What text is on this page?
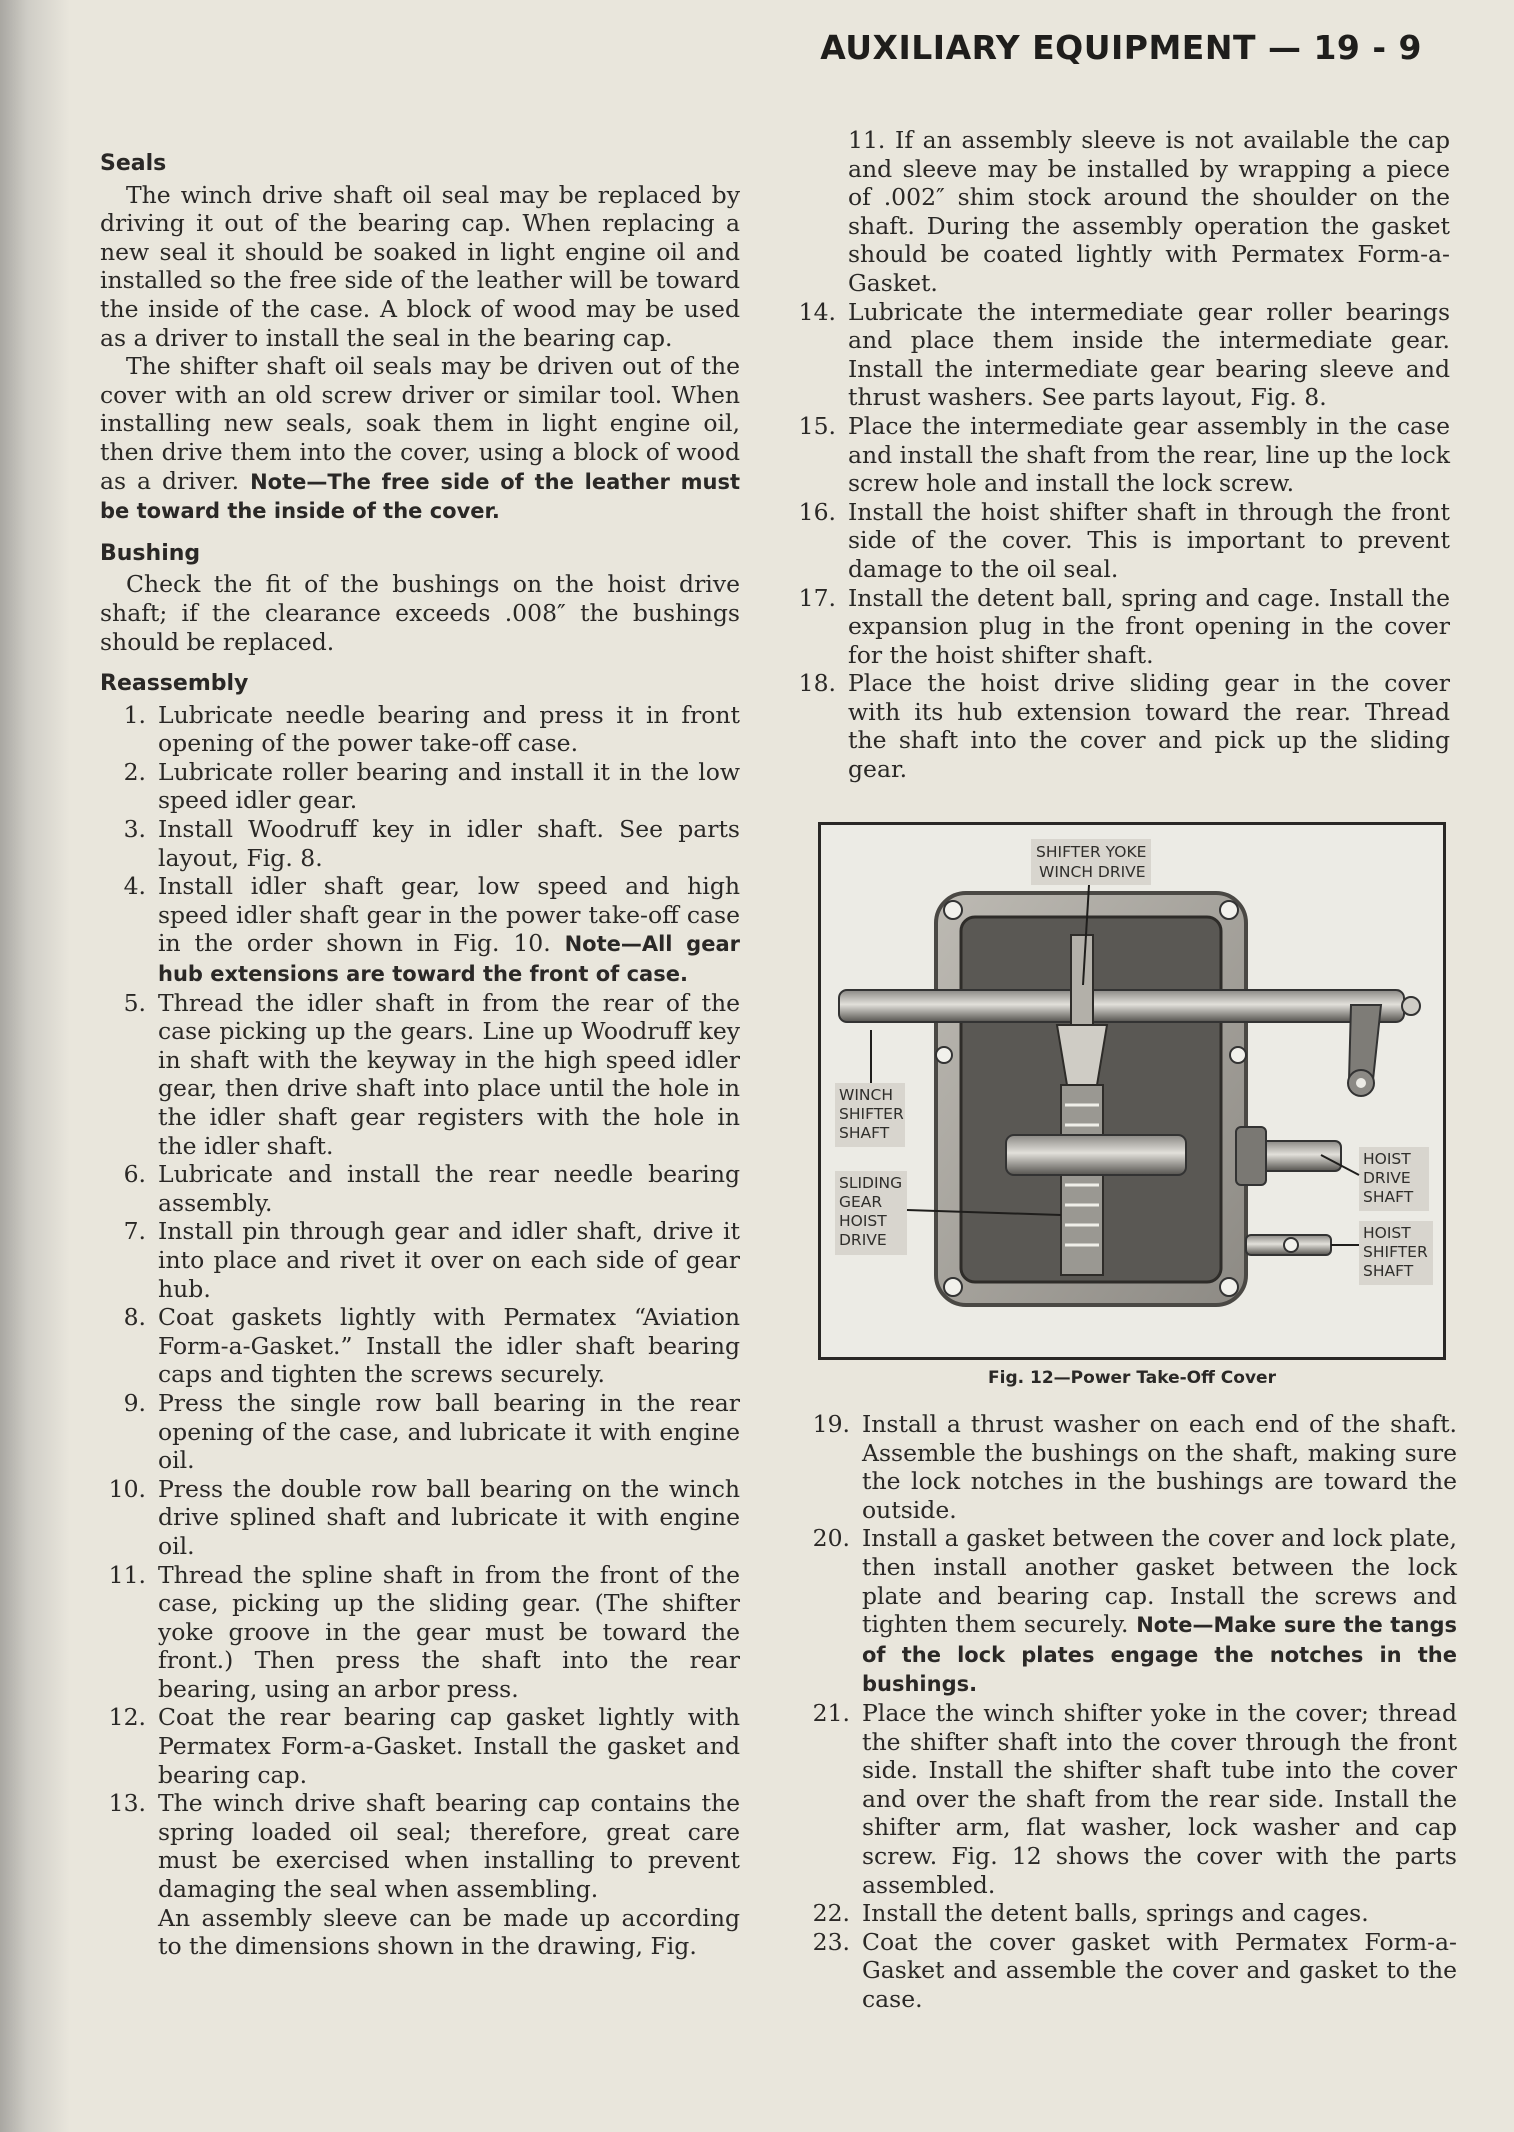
AUXILIARY EQUIPMENT — 19 - 9
Seals

The winch drive shaft oil seal may be replaced by driving it out of the bearing cap. When replacing a new seal it should be soaked in light engine oil and installed so the free side of the leather will be toward the inside of the case. A block of wood may be used as a driver to install the seal in the bearing cap.

The shifter shaft oil seals may be driven out of the cover with an old screw driver or similar tool. When installing new seals, soak them in light engine oil, then drive them into the cover, using a block of wood as a driver. Note—The free side of the leather must be toward the inside of the cover.

Bushing

Check the fit of the bushings on the hoist drive shaft; if the clearance exceeds .008″ the bushings should be replaced.

Reassembly
1. Lubricate needle bearing and press it in front opening of the power take-off case.
2. Lubricate roller bearing and install it in the low speed idler gear.
3. Install Woodruff key in idler shaft. See parts layout, Fig. 8.
4. Install idler shaft gear, low speed and high speed idler shaft gear in the power take-off case in the order shown in Fig. 10. Note—All gear hub extensions are toward the front of case.
5. Thread the idler shaft in from the rear of the case picking up the gears. Line up Woodruff key in shaft with the keyway in the high speed idler gear, then drive shaft into place until the hole in the idler shaft gear registers with the hole in the idler shaft.
6. Lubricate and install the rear needle bearing assembly.
7. Install pin through gear and idler shaft, drive it into place and rivet it over on each side of gear hub.
8. Coat gaskets lightly with Permatex “Aviation Form-a-Gasket.” Install the idler shaft bearing caps and tighten the screws securely.
9. Press the single row ball bearing in the rear opening of the case, and lubricate it with engine oil.
10. Press the double row ball bearing on the winch drive splined shaft and lubricate it with engine oil.
11. Thread the spline shaft in from the front of the case, picking up the sliding gear. (The shifter yoke groove in the gear must be toward the front.) Then press the shaft into the rear bearing, using an arbor press.
12. Coat the rear bearing cap gasket lightly with Permatex Form-a-Gasket. Install the gasket and bearing cap.
13. The winch drive shaft bearing cap contains the spring loaded oil seal; therefore, great care must be exercised when installing to prevent damaging the seal when assembling.
An assembly sleeve can be made up according to the dimensions shown in the drawing, Fig.
11. If an assembly sleeve is not available the cap and sleeve may be installed by wrapping a piece of .002″ shim stock around the shoulder on the shaft. During the assembly operation the gasket should be coated lightly with Permatex Form-a-Gasket.
14. Lubricate the intermediate gear roller bearings and place them inside the intermediate gear. Install the intermediate gear bearing sleeve and thrust washers. See parts layout, Fig. 8.
15. Place the intermediate gear assembly in the case and install the shaft from the rear, line up the lock screw hole and install the lock screw.
16. Install the hoist shifter shaft in through the front side of the cover. This is important to prevent damage to the oil seal.
17. Install the detent ball, spring and cage. Install the expansion plug in the front opening in the cover for the hoist shifter shaft.
18. Place the hoist drive sliding gear in the cover with its hub extension toward the rear. Thread the shaft into the cover and pick up the sliding gear.
SHIFTER YOKE
WINCH DRIVE
WINCH
SHIFTER
SHAFT
SLIDING
GEAR
HOIST
DRIVE
HOIST
DRIVE
SHAFT
HOIST
SHIFTER
SHAFT
Fig. 12—Power Take-Off Cover
19. Install a thrust washer on each end of the shaft. Assemble the bushings on the shaft, making sure the lock notches in the bushings are toward the outside.
20. Install a gasket between the cover and lock plate, then install another gasket between the lock plate and bearing cap. Install the screws and tighten them securely. Note—Make sure the tangs of the lock plates engage the notches in the bushings.
21. Place the winch shifter yoke in the cover; thread the shifter shaft into the cover through the front side. Install the shifter shaft tube into the cover and over the shaft from the rear side. Install the shifter arm, flat washer, lock washer and cap screw. Fig. 12 shows the cover with the parts assembled.
22. Install the detent balls, springs and cages.
23. Coat the cover gasket with Permatex Form-a-Gasket and assemble the cover and gasket to the case.
